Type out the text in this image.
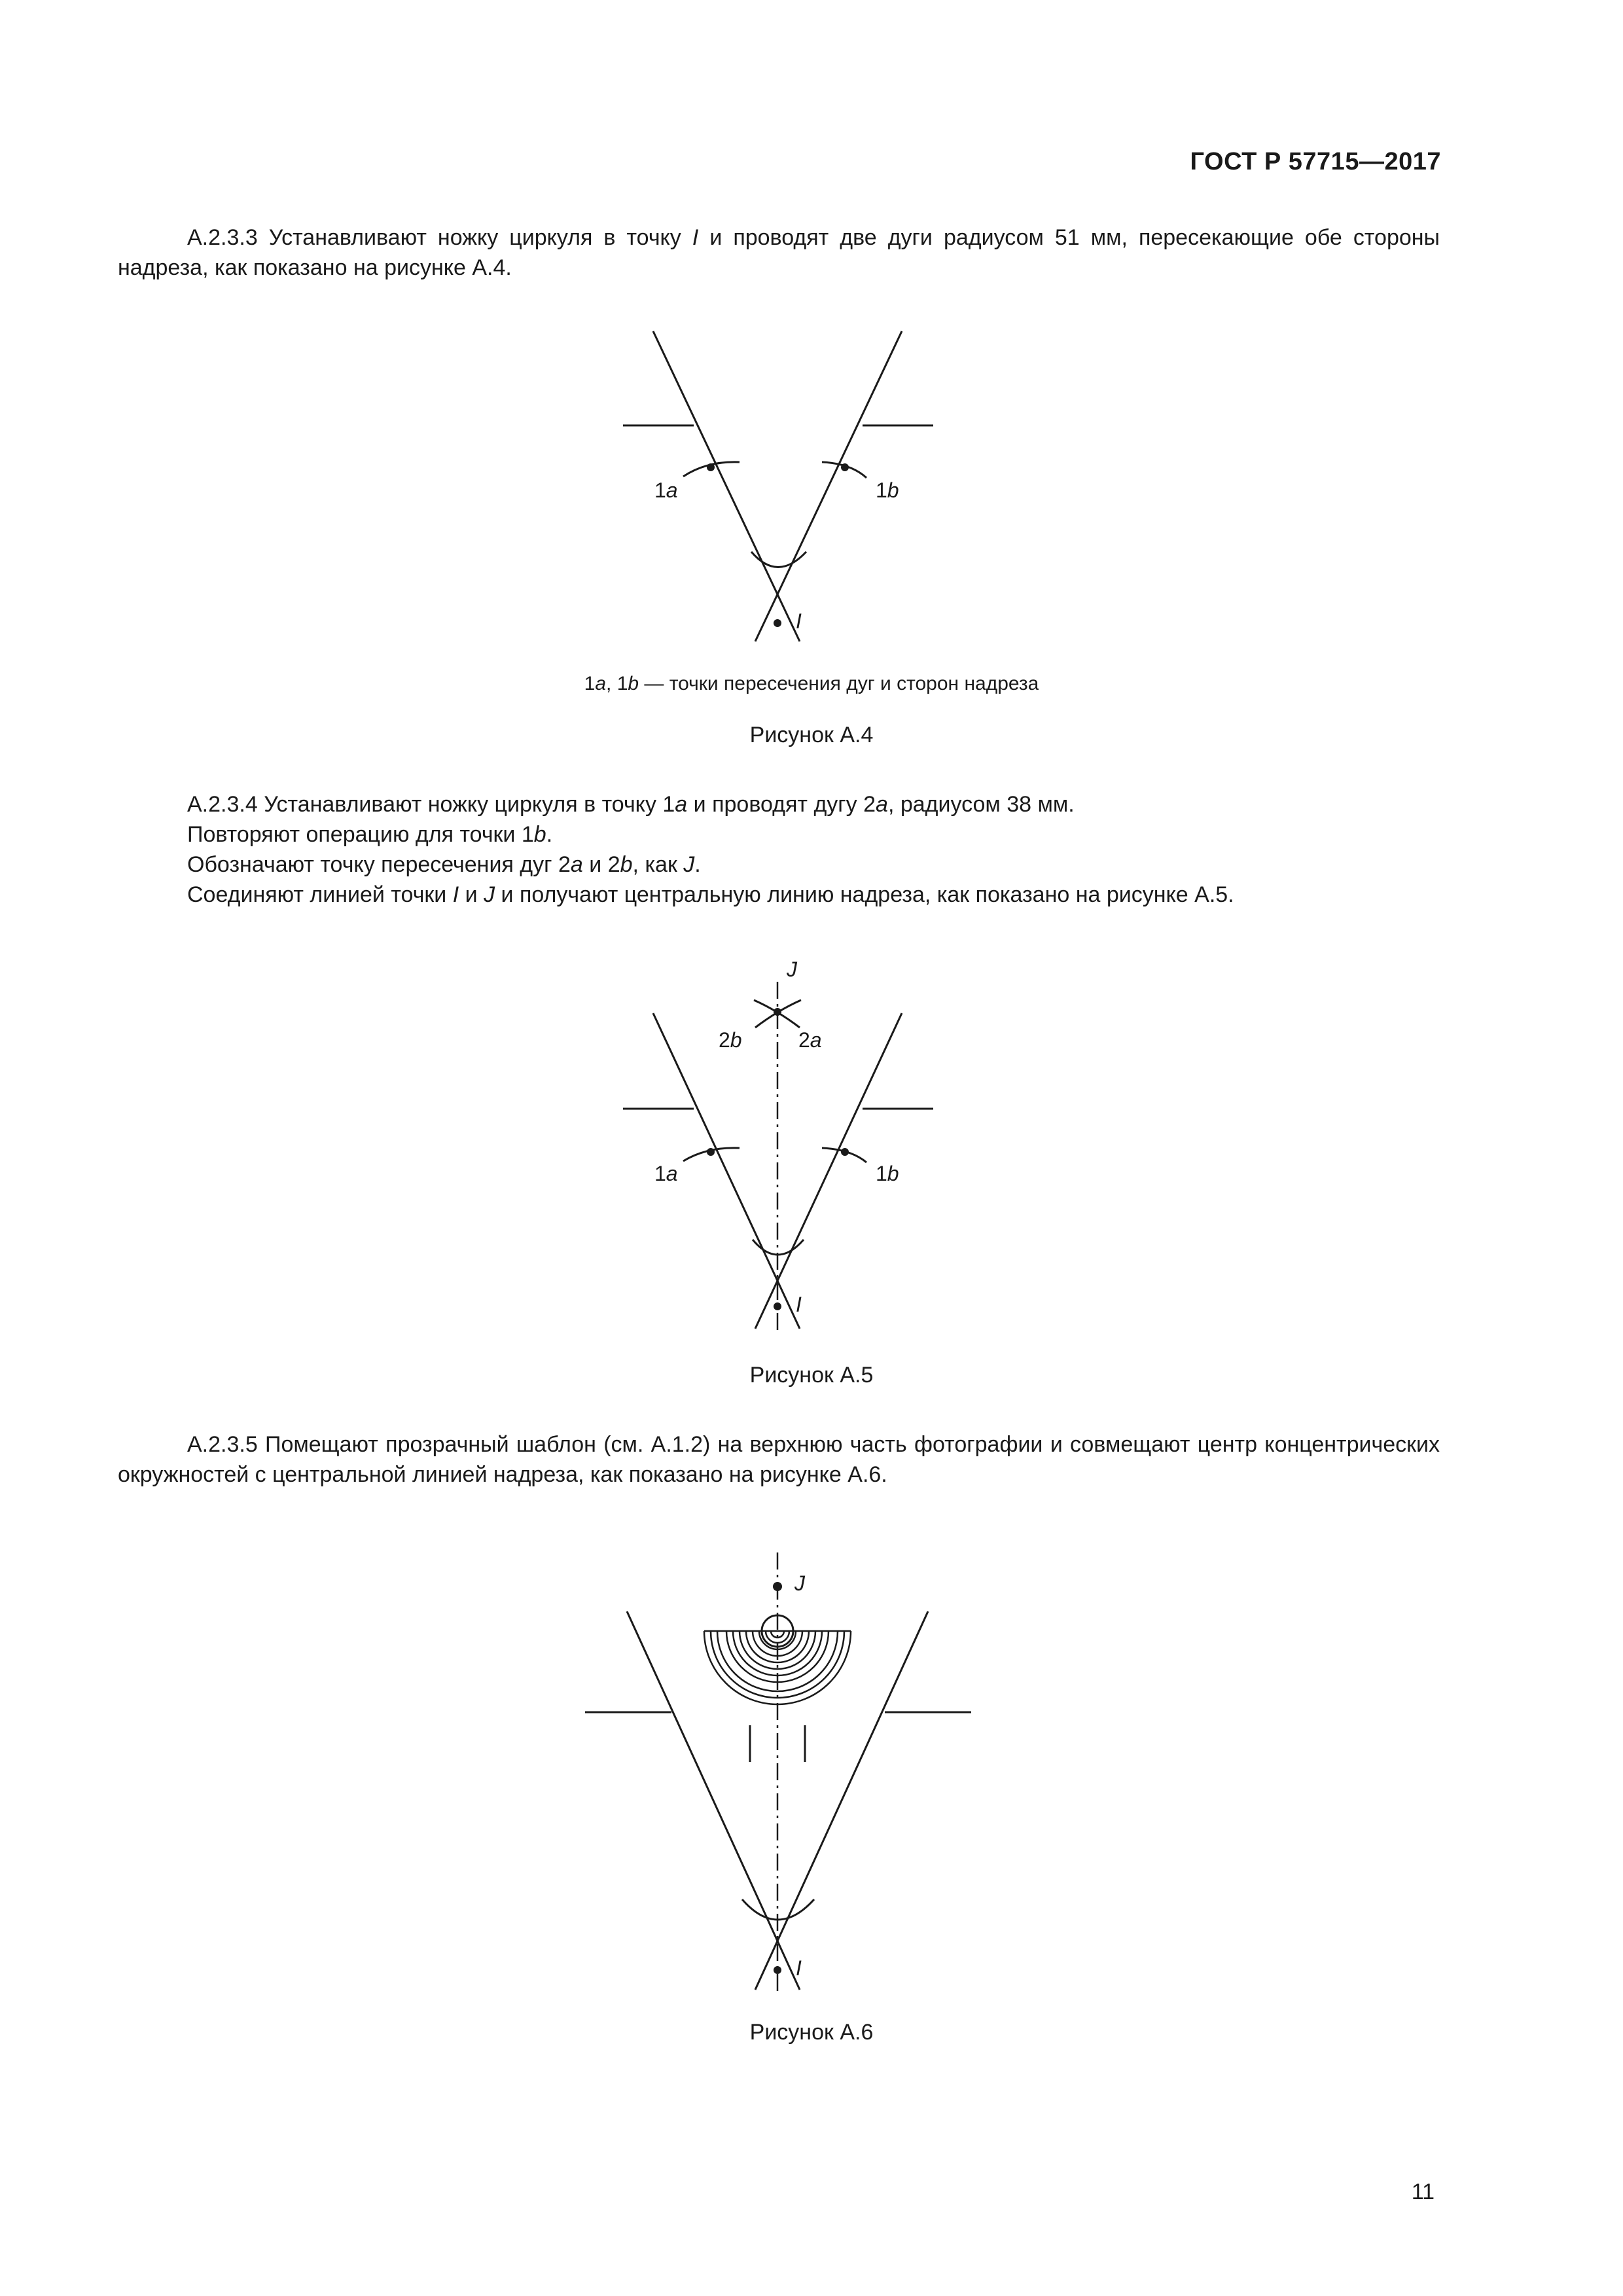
ГОСТ Р 57715—2017

А.2.3.3 Устанавливают ножку циркуля в точку I и проводят две дуги радиусом 51 мм, пересекающие обе стороны надреза, как показано на рисунке А.4.

1a	1b
I
1a, 1b — точки пересечения дуг и сторон надреза
Рисунок А.4
А.2.3.4 Устанавливают ножку циркуля в точку 1a и проводят дугу 2a, радиусом 38 мм.
Повторяют операцию для точки 1b.
Обозначают точку пересечения дуг 2a и 2b, как J.
Соединяют линией точки I и J и получают центральную линию надреза, как показано на рисунке А.5.
J
2b	2a
1a	1b
I
Рисунок А.5

А.2.3.5 Помещают прозрачный шаблон (см. А.1.2) на верхнюю часть фотографии и совмещают центр концентрических окружностей с центральной линией надреза, как показано на рисунке А.6.

J
I
Рисунок А.6
11
